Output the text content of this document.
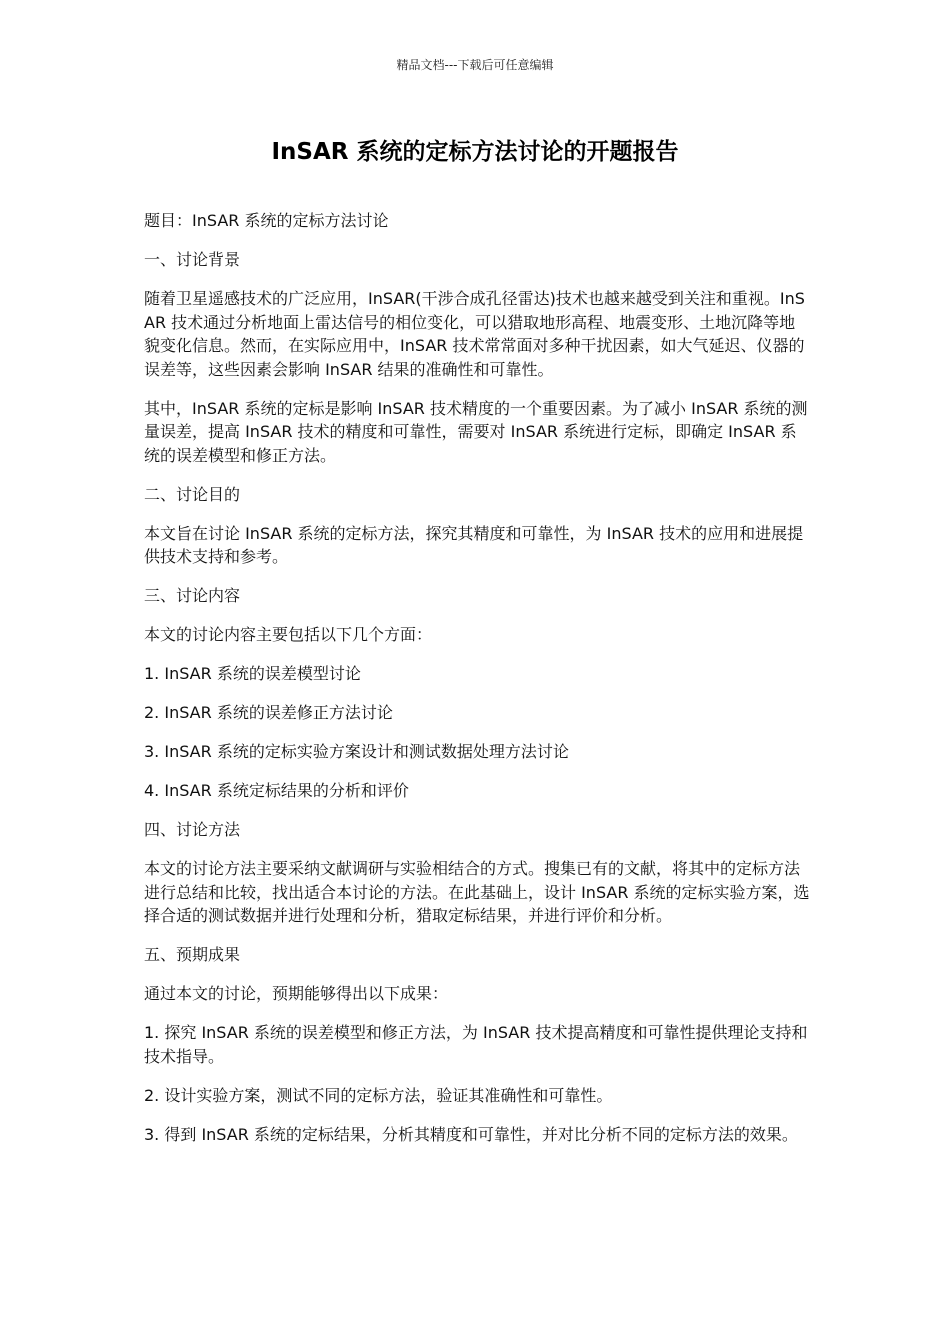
精品文档---下载后可任意编辑
InSAR 系统的定标方法讨论的开题报告

题目：InSAR 系统的定标方法讨论

一、讨论背景

随着卫星遥感技术的广泛应用，InSAR(干涉合成孔径雷达)技术也越来越受到关注和重视。InSAR 技术通过分析地面上雷达信号的相位变化，可以猎取地形高程、地震变形、土地沉降等地貌变化信息。然而，在实际应用中，InSAR 技术常常面对多种干扰因素，如大气延迟、仪器的误差等，这些因素会影响 InSAR 结果的准确性和可靠性。

其中，InSAR 系统的定标是影响 InSAR 技术精度的一个重要因素。为了减小 InSAR 系统的测量误差，提高 InSAR 技术的精度和可靠性，需要对 InSAR 系统进行定标，即确定 InSAR 系统的误差模型和修正方法。

二、讨论目的

本文旨在讨论 InSAR 系统的定标方法，探究其精度和可靠性，为 InSAR 技术的应用和进展提供技术支持和参考。

三、讨论内容

本文的讨论内容主要包括以下几个方面：

1. InSAR 系统的误差模型讨论

2. InSAR 系统的误差修正方法讨论

3. InSAR 系统的定标实验方案设计和测试数据处理方法讨论

4. InSAR 系统定标结果的分析和评价

四、讨论方法

本文的讨论方法主要采纳文献调研与实验相结合的方式。搜集已有的文献，将其中的定标方法进行总结和比较，找出适合本讨论的方法。在此基础上，设计 InSAR 系统的定标实验方案，选择合适的测试数据并进行处理和分析，猎取定标结果，并进行评价和分析。

五、预期成果

通过本文的讨论，预期能够得出以下成果：

1. 探究 InSAR 系统的误差模型和修正方法，为 InSAR 技术提高精度和可靠性提供理论支持和技术指导。

2. 设计实验方案，测试不同的定标方法，验证其准确性和可靠性。

3. 得到 InSAR 系统的定标结果，分析其精度和可靠性，并对比分析不同的定标方法的效果。
